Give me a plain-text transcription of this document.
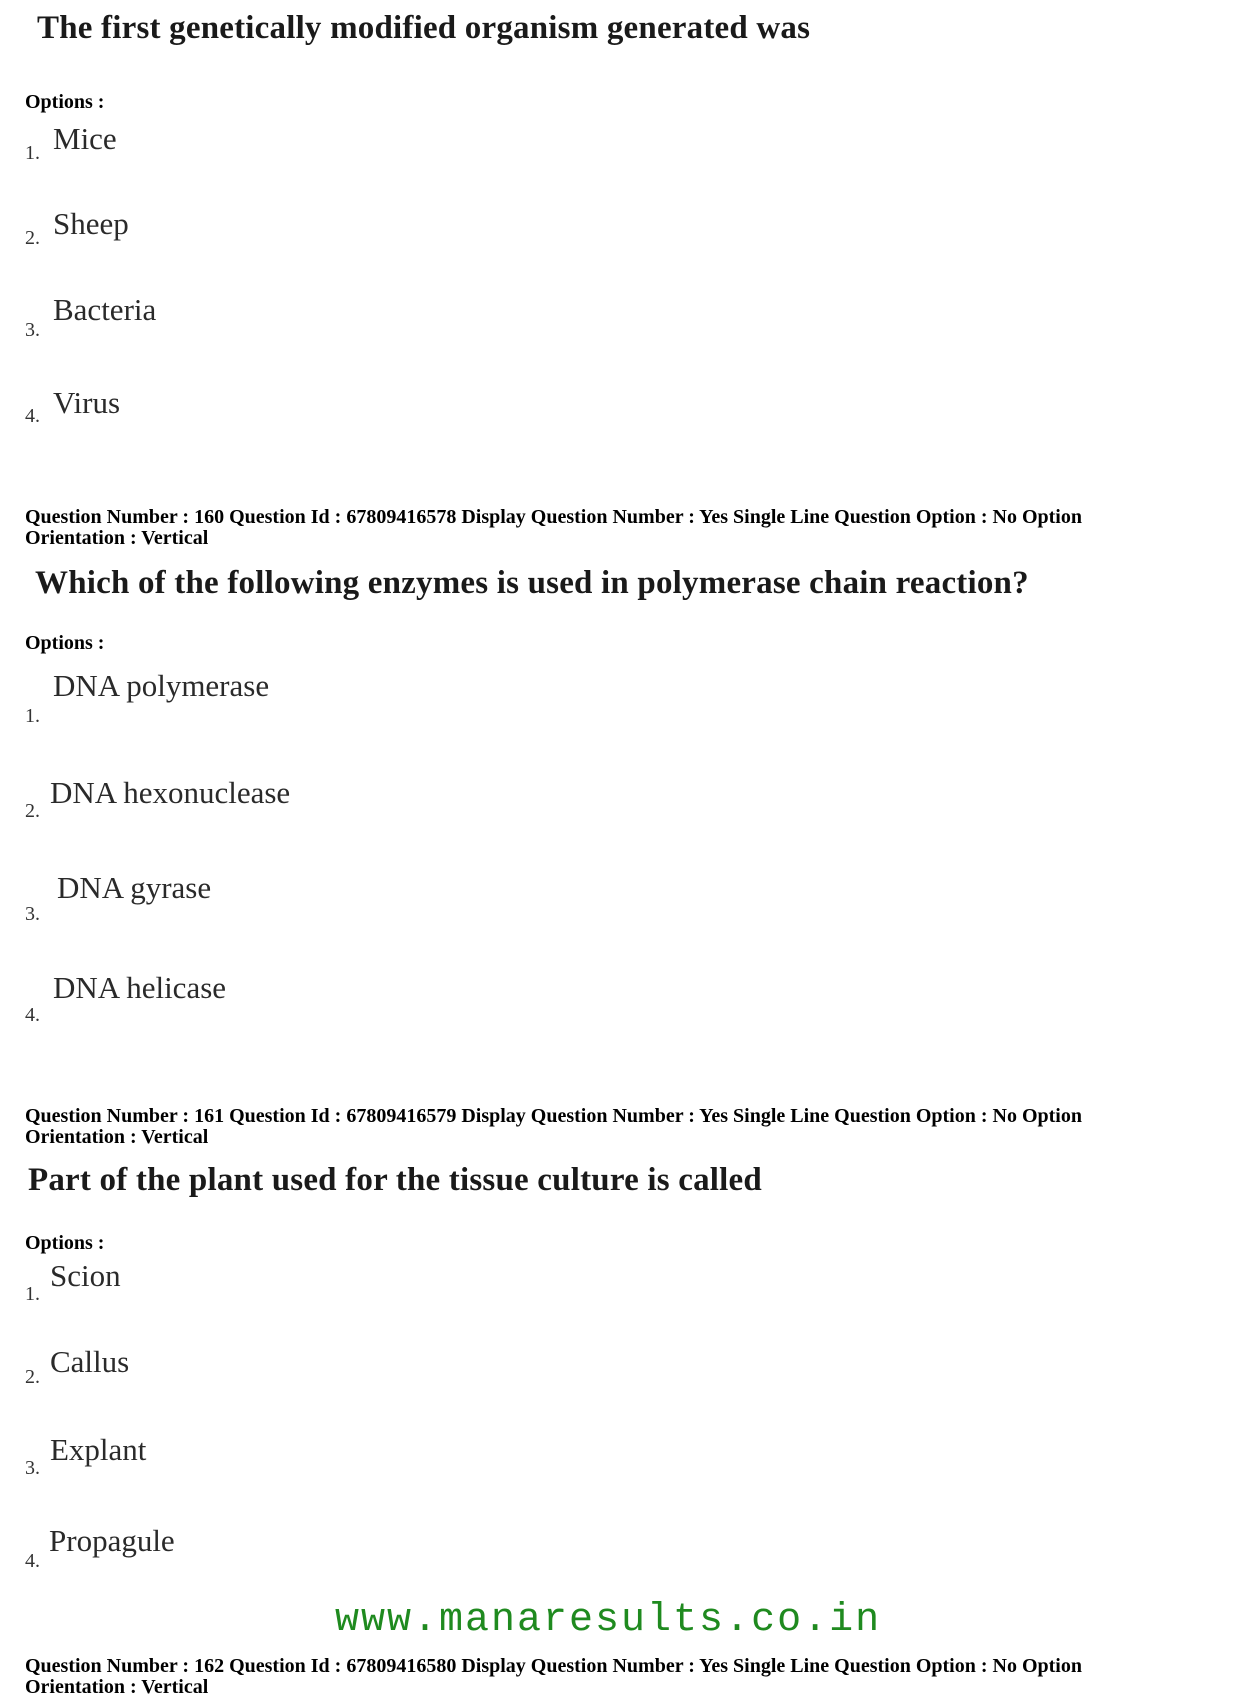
The first genetically modified organism generated was
Options :
1. Mice
2. Sheep
3.
Bacteria
4. Virus
Question Number : 160 Question Id : 67809416578 Display Question Number : Yes Single Line Question Option : No Option
Orientation : Vertical
Which of the following enzymes is used in polymerase chain reaction?
Options :
1.
DNA polymerase
2.
DNA hexonuclease
3.
DNA gyrase
4.
DNA helicase
Question Number : 161 Question Id : 67809416579 Display Question Number : Yes Single Line Question Option : No Option
Orientation : Vertical
Part of the plant used for the tissue culture is called
Options :
1.
Scion
2. Callus
3.
Explant
4.
Propagule
www.manaresults.co.in
Question Number : 162 Question Id : 67809416580 Display Question Number : Yes Single Line Question Option : No Option
Orientation : Vertical
